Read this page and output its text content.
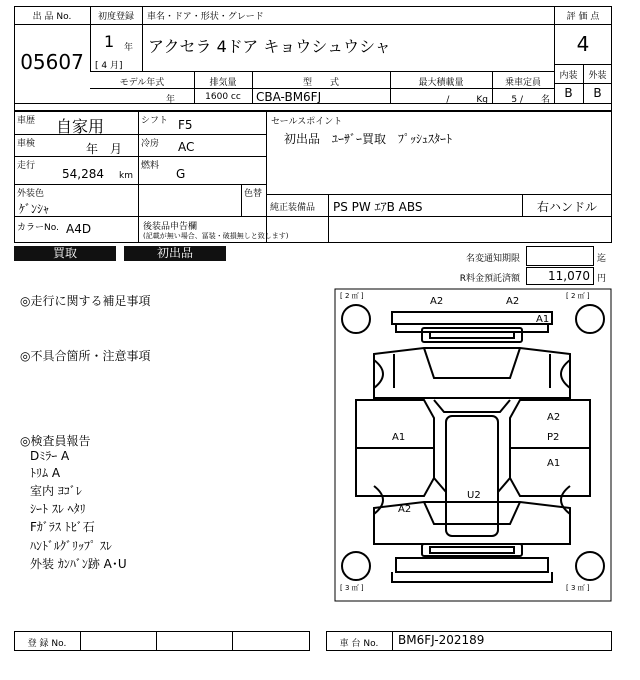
出 品 No.
05607
初度登録
1 年
[ 4 月]
車名・ドア・形状・グレード
アクセラ 4ドア キョウシュウシャ
評 価 点
4
内装	外装
B	B
モデル年式
年
排気量
1600 cc
型　　式
CBA-BM6FJ
最大積載量
/　　　Kg
乗車定員
5 /　　名
車歴 自家用	シフト F5
車検	年　月 冷房 AC
走行
54,284 km
燃料
G
外装色
ｹﾞﾝｼｬ
色替
カラーNo. A4D	後装品申告欄
(記載が無い場合、冨装・破損無しと致します)
セールスポイント
初出品　ﾕｰｻﾞｰ買取　ﾌﾟｯｼｭｽﾀｰﾄ
純正装備品 PS PW ｴｱB ABS	右ハンドル
買取	初出品	名変通知期限	迄
R料金預託済額	11,070 円
◎走行に関する補足事項
◎不具合箇所・注意事項
◎検査員報告
Dﾐﾗｰ A
ﾄﾘﾑ A
室内 ﾖｺﾞﾚ
ｼｰﾄ ｽﾚ ﾍﾀﾘ
Fｶﾞﾗｽ ﾄﾋﾞ石
ﾊﾝﾄﾞﾙｸﾞﾘｯﾌﾟ ｽﾚ
外装 ｶﾝﾊﾞﾝ跡 A･U
[ 2 ㎡ ]	[ 2 ㎡ ]
[ 3 ㎡ ]	[ 3 ㎡ ]
A2	A2
A1
A2
A1	P2
A1
U2
A2
登 録 No.	車 台 No.	BM6FJ-202189
